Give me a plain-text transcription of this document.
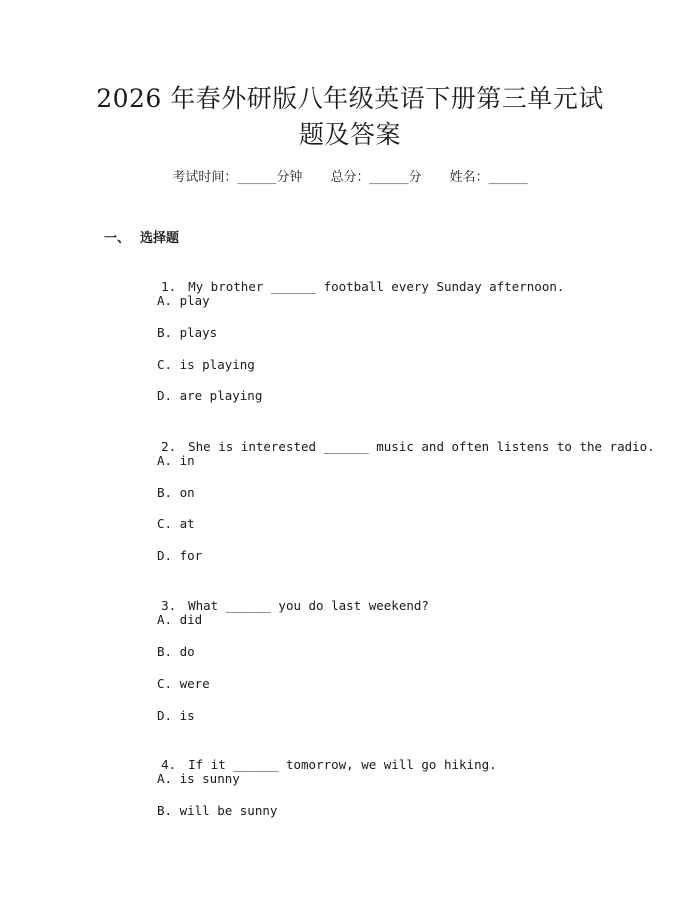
2026 年春外研版八年级英语下册第三单元试
题及答案
考试时间：______分钟 总分：______分 姓名：______
一、 选择题

1. My brother ______ football every Sunday afternoon.

A. play
B. plays
C. is playing
D. are playing

2. She is interested ______ music and often listens to the radio.

A. in
B. on
C. at
D. for

3. What ______ you do last weekend?

A. did
B. do
C. were
D. is

4. If it ______ tomorrow, we will go hiking.

A. is sunny
B. will be sunny
